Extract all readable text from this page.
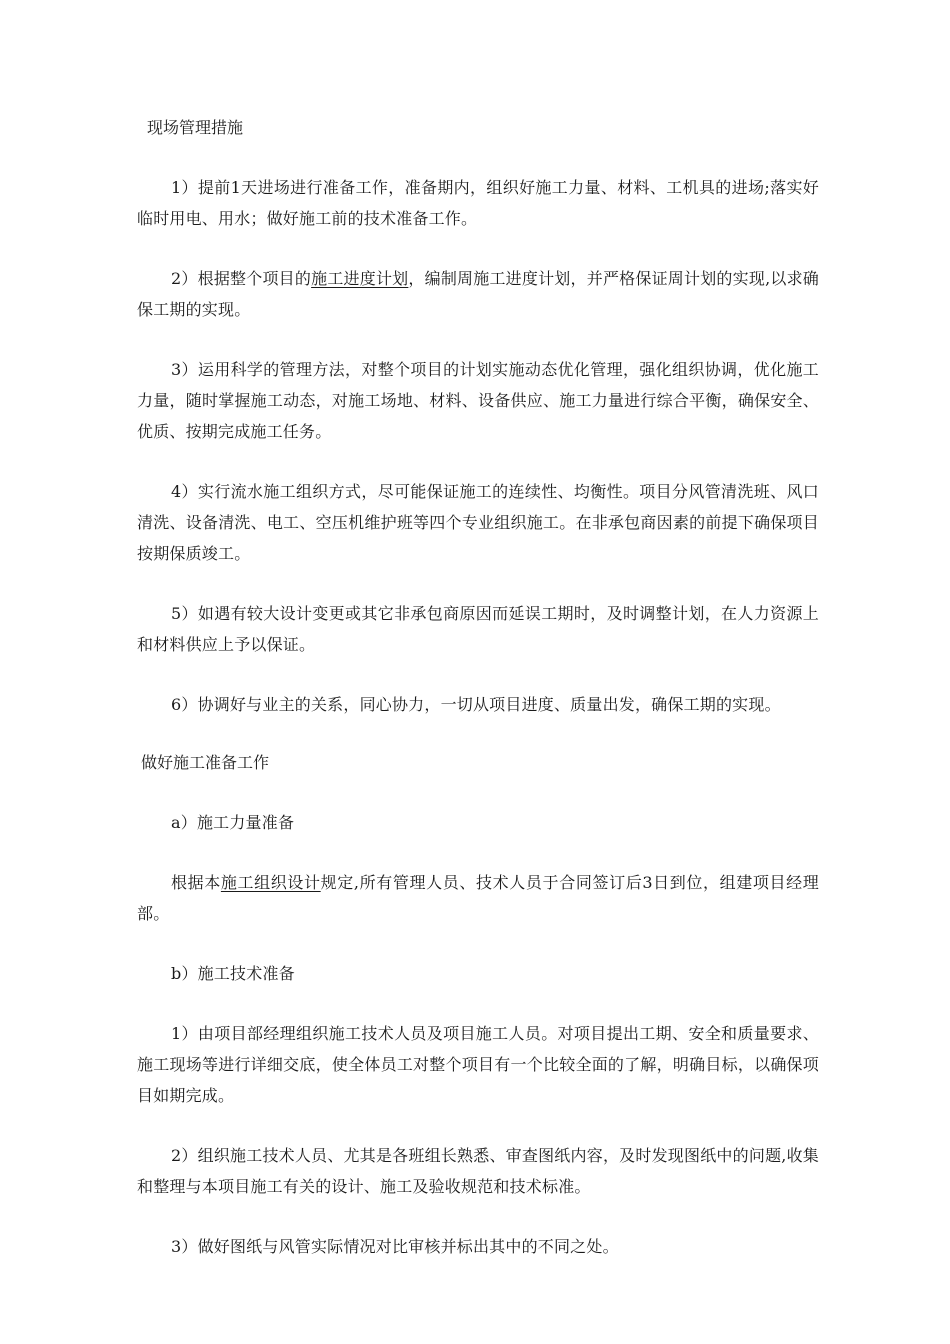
现场管理措施

1）提前1天进场进行准备工作，准备期内，组织好施工力量、材料、工机具的进场;落实好临时用电、用水；做好施工前的技术准备工作。

2）根据整个项目的施工进度计划，编制周施工进度计划，并严格保证周计划的实现,以求确保工期的实现。

3）运用科学的管理方法，对整个项目的计划实施动态优化管理，强化组织协调，优化施工力量，随时掌握施工动态，对施工场地、材料、设备供应、施工力量进行综合平衡，确保安全、优质、按期完成施工任务。

4）实行流水施工组织方式，尽可能保证施工的连续性、均衡性。项目分风管清洗班、风口清洗、设备清洗、电工、空压机维护班等四个专业组织施工。在非承包商因素的前提下确保项目按期保质竣工。

5）如遇有较大设计变更或其它非承包商原因而延误工期时，及时调整计划，在人力资源上和材料供应上予以保证。

6）协调好与业主的关系，同心协力，一切从项目进度、质量出发，确保工期的实现。

做好施工准备工作

a）施工力量准备

根据本施工组织设计规定,所有管理人员、技术人员于合同签订后3日到位，组建项目经理部。

b）施工技术准备

1）由项目部经理组织施工技术人员及项目施工人员。对项目提出工期、安全和质量要求、施工现场等进行详细交底，使全体员工对整个项目有一个比较全面的了解，明确目标，以确保项目如期完成。

2）组织施工技术人员、尤其是各班组长熟悉、审查图纸内容，及时发现图纸中的问题,收集和整理与本项目施工有关的设计、施工及验收规范和技术标准。

3）做好图纸与风管实际情况对比审核并标出其中的不同之处。
